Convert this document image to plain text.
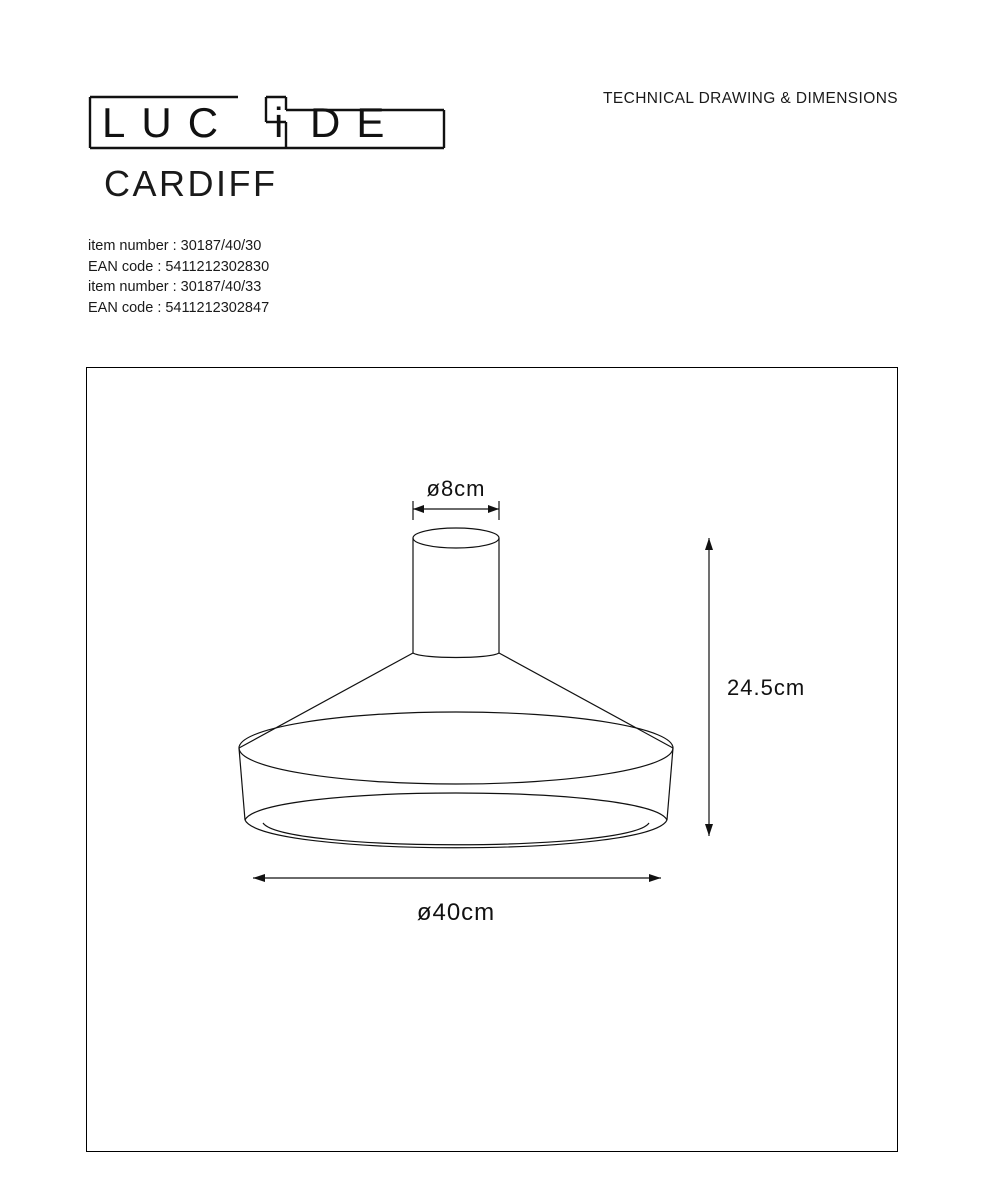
TECHNICAL DRAWING & DIMENSIONS
LUC i DE
CARDIFF
item number : 30187/40/30
EAN code : 5411212302830
item number : 30187/40/33
EAN code : 5411212302847
ø8cm
24.5cm
ø40cm
